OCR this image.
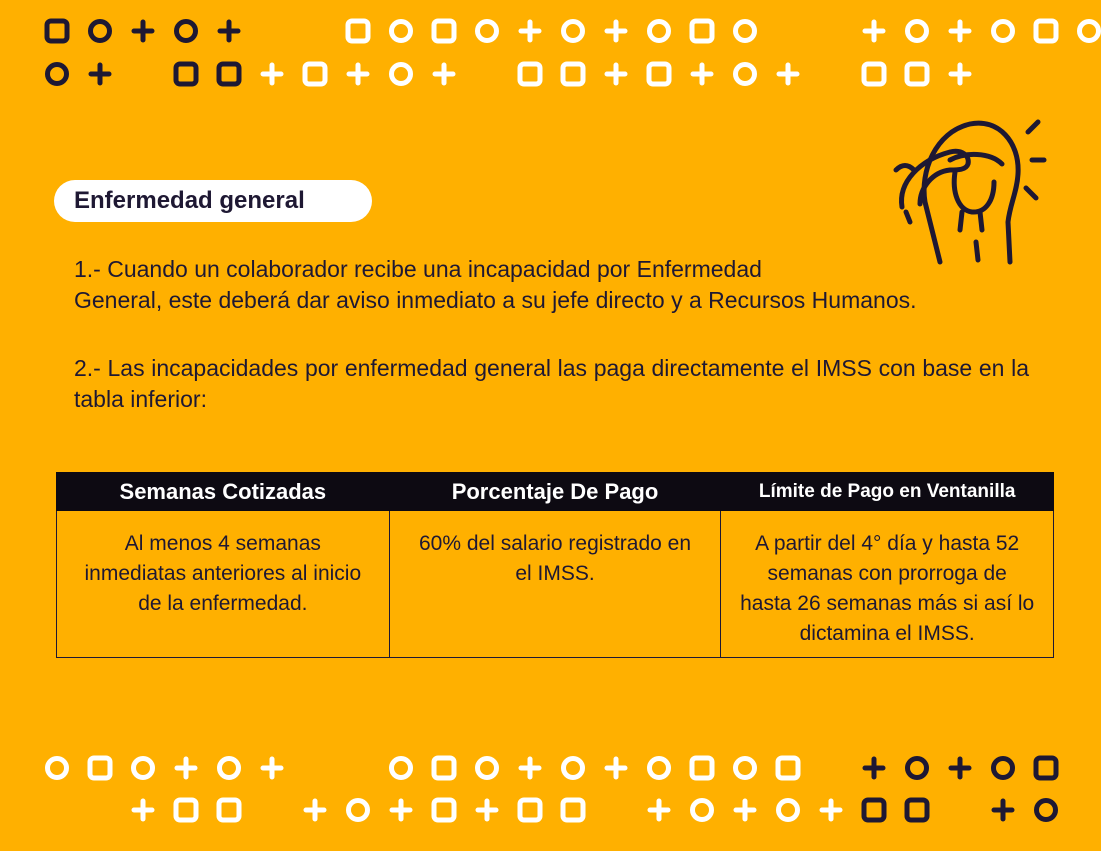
Enfermedad general
1.- Cuando un colaborador recibe una incapacidad por Enfermedad
General, este deberá dar aviso inmediato a su jefe directo y a Recursos Humanos.
2.- Las incapacidades por enfermedad general las paga directamente el IMSS con base en la tabla inferior:
Semanas Cotizadas	Porcentaje De Pago	Límite de Pago en Ventanilla
Al menos 4 semanas
inmediatas anteriores al inicio
de la enfermedad.	60% del salario registrado en
el IMSS.	A partir del 4° día y hasta 52
semanas con prorroga de
hasta 26 semanas más si así lo
dictamina el IMSS.
